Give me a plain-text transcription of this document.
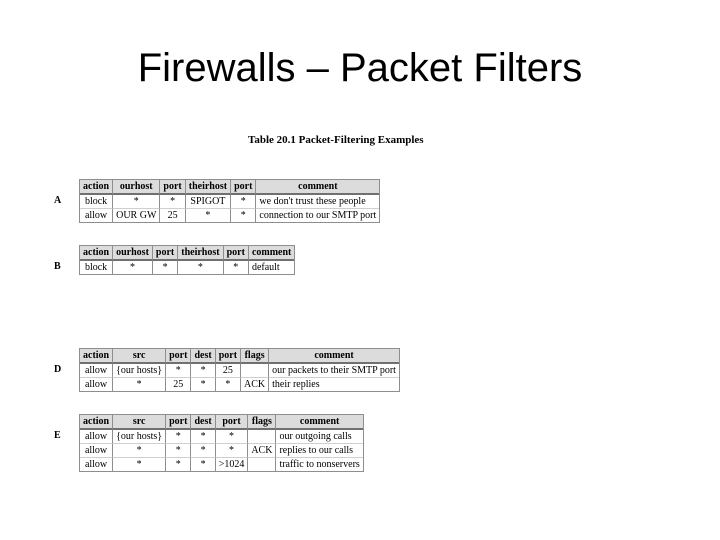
Firewalls – Packet Filters
Table 20.1 Packet-Filtering Examples
A
action	ourhost	port	theirhost	port	comment
block	*	*	SPIGOT	*	we don't trust these people
allow	OUR GW	25	*	*	connection to our SMTP port
B
action	ourhost	port	theirhost	port	comment
block	*	*	*	*	default

D
action	src	port	dest	port	flags	comment
allow	{our hosts}	*	*	25		our packets to their SMTP port
allow	*	25	*	*	ACK	their replies
E
action	src	port	dest	port	flags	comment
allow	{our hosts}	*	*	*		our outgoing calls
allow	*	*	*	*	ACK	replies to our calls
allow	*	*	*	>1024		traffic to nonservers
